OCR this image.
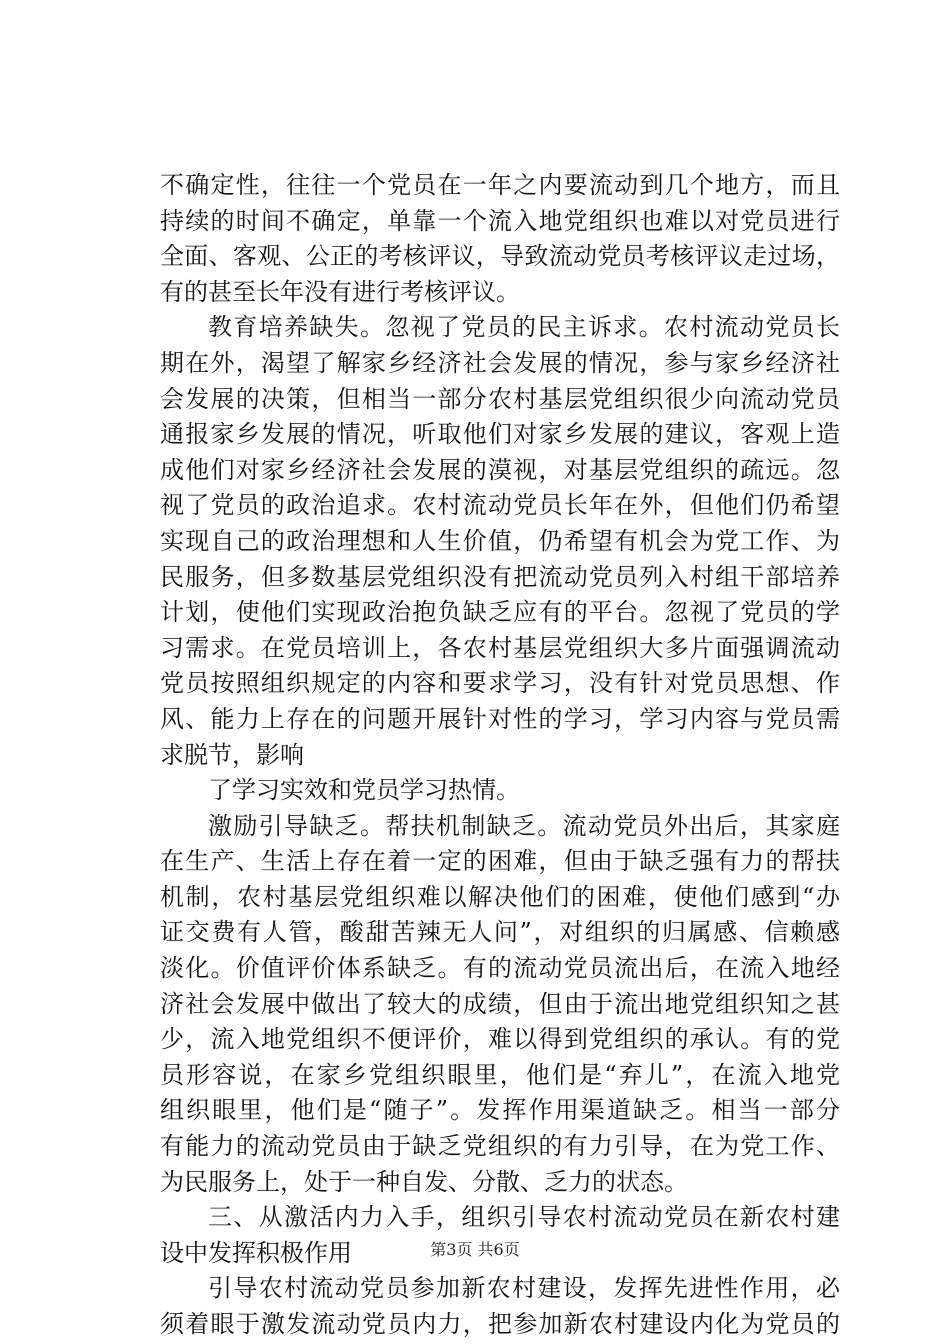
不确定性，往往一个党员在一年之内要流动到几个地方，而且
持续的时间不确定，单靠一个流入地党组织也难以对党员进行
全面、客观、公正的考核评议，导致流动党员考核评议走过场，
有的甚至长年没有进行考核评议。
教育培养缺失。忽视了党员的民主诉求。农村流动党员长
期在外，渴望了解家乡经济社会发展的情况，参与家乡经济社
会发展的决策，但相当一部分农村基层党组织很少向流动党员
通报家乡发展的情况，听取他们对家乡发展的建议，客观上造
成他们对家乡经济社会发展的漠视，对基层党组织的疏远。忽
视了党员的政治追求。农村流动党员长年在外，但他们仍希望
实现自己的政治理想和人生价值，仍希望有机会为党工作、为
民服务，但多数基层党组织没有把流动党员列入村组干部培养
计划，使他们实现政治抱负缺乏应有的平台。忽视了党员的学
习需求。在党员培训上，各农村基层党组织大多片面强调流动
党员按照组织规定的内容和要求学习，没有针对党员思想、作
风、能力上存在的问题开展针对性的学习，学习内容与党员需
求脱节，影响
了学习实效和党员学习热情。
激励引导缺乏。帮扶机制缺乏。流动党员外出后，其家庭
在生产、生活上存在着一定的困难，但由于缺乏强有力的帮扶
机制，农村基层党组织难以解决他们的困难，使他们感到“办
证交费有人管，酸甜苦辣无人问”，对组织的归属感、信赖感
淡化。价值评价体系缺乏。有的流动党员流出后，在流入地经
济社会发展中做出了较大的成绩，但由于流出地党组织知之甚
少，流入地党组织不便评价，难以得到党组织的承认。有的党
员形容说，在家乡党组织眼里，他们是“弃儿”，在流入地党
组织眼里，他们是“随子”。发挥作用渠道缺乏。相当一部分
有能力的流动党员由于缺乏党组织的有力引导，在为党工作、
为民服务上，处于一种自发、分散、乏力的状态。
三、从激活内力入手，组织引导农村流动党员在新农村建
设中发挥积极作用
引导农村流动党员参加新农村建设，发挥先进性作用，必
须着眼于激发流动党员内力，把参加新农村建设内化为党员的
第3页 共6页
